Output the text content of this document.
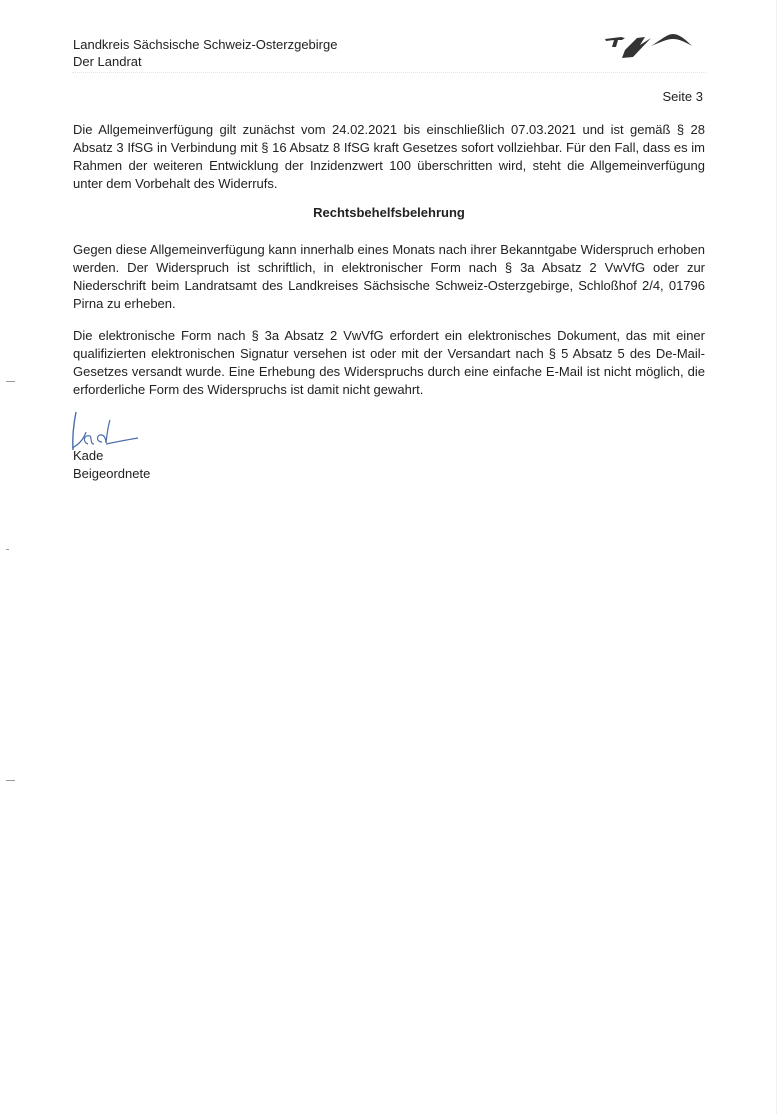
Landkreis Sächsische Schweiz-Osterzgebirge
Der Landrat
Seite 3
Die Allgemeinverfügung gilt zunächst vom 24.02.2021 bis einschließlich 07.03.2021 und ist gemäß § 28 Absatz 3 IfSG in Verbindung mit § 16 Absatz 8 IfSG kraft Gesetzes sofort vollziehbar. Für den Fall, dass es im Rahmen der weiteren Entwicklung der Inzidenzwert 100 überschritten wird, steht die Allgemeinverfügung unter dem Vorbehalt des Widerrufs.
Rechtsbehelfsbelehrung
Gegen diese Allgemeinverfügung kann innerhalb eines Monats nach ihrer Bekanntgabe Widerspruch erhoben werden. Der Widerspruch ist schriftlich, in elektronischer Form nach § 3a Absatz 2 VwVfG oder zur Niederschrift beim Landratsamt des Landkreises Sächsische Schweiz-Osterzgebirge, Schloßhof 2/4, 01796 Pirna zu erheben.
Die elektronische Form nach § 3a Absatz 2 VwVfG erfordert ein elektronisches Dokument, das mit einer qualifizierten elektronischen Signatur versehen ist oder mit der Versandart nach § 5 Absatz 5 des De-Mail-Gesetzes versandt wurde. Eine Erhebung des Widerspruchs durch eine einfache E-Mail ist nicht möglich, die erforderliche Form des Widerspruchs ist damit nicht gewahrt.
Kade
Beigeordnete
